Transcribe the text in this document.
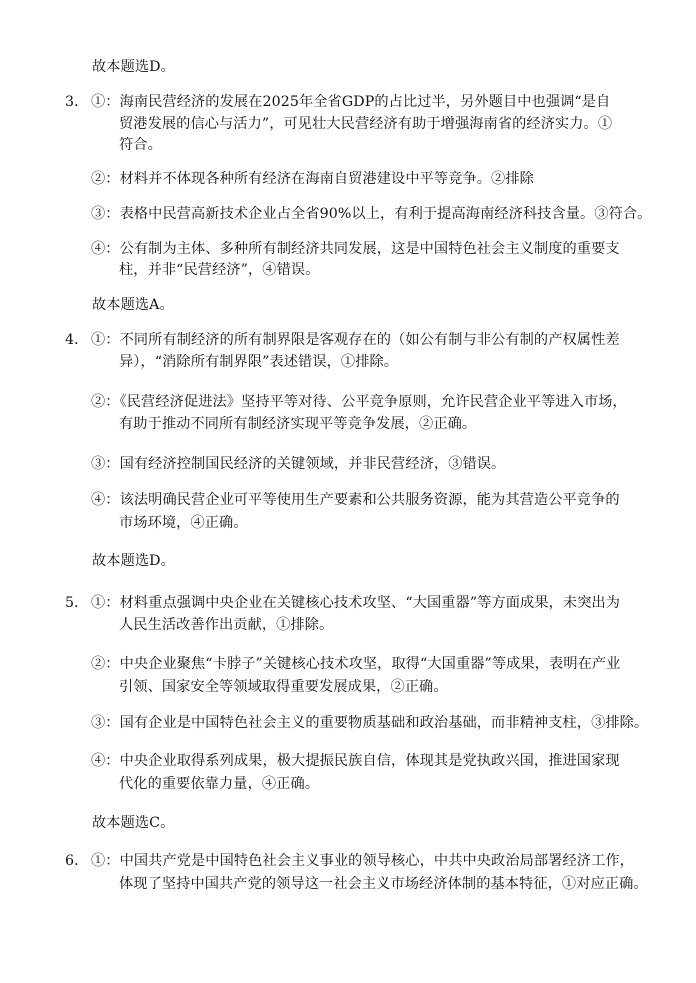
故本题选D。
3． ①：海南民营经济的发展在2025年全省GDP的占比过半，另外题目中也强调“是自
贸港发展的信心与活力”，可见壮大民营经济有助于增强海南省的经济实力。①
符合。
②：材料并不体现各种所有经济在海南自贸港建设中平等竞争。②排除
③：表格中民营高新技术企业占全省90%以上，有利于提高海南经济科技含量。③符合。
④：公有制为主体、多种所有制经济共同发展，这是中国特色社会主义制度的重要支
柱，并非“民营经济”，④错误。
故本题选A。
4． ①：不同所有制经济的所有制界限是客观存在的（如公有制与非公有制的产权属性差
异），“消除所有制界限”表述错误，①排除。
②：《民营经济促进法》坚持平等对待、公平竞争原则，允许民营企业平等进入市场，
有助于推动不同所有制经济实现平等竞争发展，②正确。
③：国有经济控制国民经济的关键领域，并非民营经济，③错误。
④：该法明确民营企业可平等使用生产要素和公共服务资源，能为其营造公平竞争的
市场环境，④正确。
故本题选D。
5． ①：材料重点强调中央企业在关键核心技术攻坚、“大国重器”等方面成果，未突出为
人民生活改善作出贡献，①排除。
②：中央企业聚焦“卡脖子”关键核心技术攻坚，取得“大国重器”等成果，表明在产业
引领、国家安全等领域取得重要发展成果，②正确。
③：国有企业是中国特色社会主义的重要物质基础和政治基础，而非精神支柱，③排除。
④：中央企业取得系列成果，极大提振民族自信，体现其是党执政兴国，推进国家现
代化的重要依靠力量，④正确。
故本题选C。
6． ①：中国共产党是中国特色社会主义事业的领导核心，中共中央政治局部署经济工作，
体现了坚持中国共产党的领导这一社会主义市场经济体制的基本特征，①对应正确。
